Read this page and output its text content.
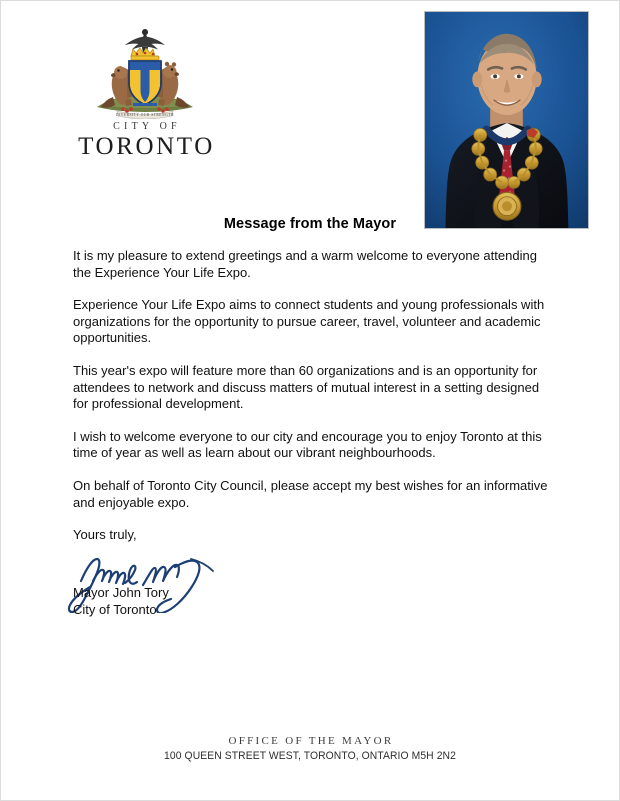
DIVERSITY OUR STRENGTH
CITY OF
TORONTO
Message from the Mayor

It is my pleasure to extend greetings and a warm welcome to everyone attending the Experience Your Life Expo.

Experience Your Life Expo aims to connect students and young professionals with organizations for the opportunity to pursue career, travel, volunteer and academic opportunities.

This year's expo will feature more than 60 organizations and is an opportunity for attendees to network and discuss matters of mutual interest in a setting designed for professional development.

I wish to welcome everyone to our city and encourage you to enjoy Toronto at this time of year as well as learn about our vibrant neighbourhoods.

On behalf of Toronto City Council, please accept my best wishes for an informative and enjoyable expo.

Yours truly,

Mayor John Tory
City of Toronto
OFFICE OF THE MAYOR
100 QUEEN STREET WEST, TORONTO, ONTARIO M5H 2N2
